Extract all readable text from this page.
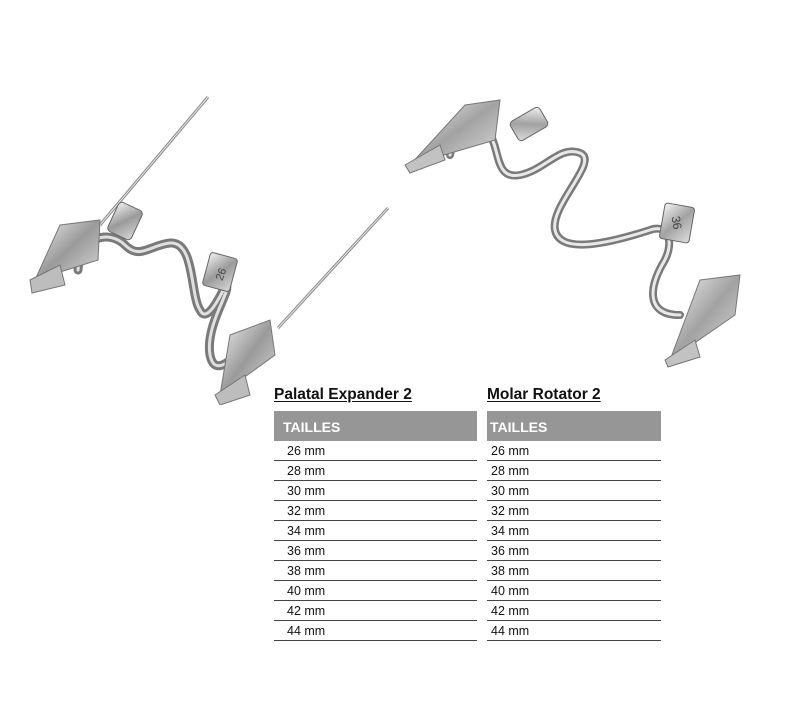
26
36
Palatal Expander 2
TAILLES
26 mm
28 mm
30 mm
32 mm
34 mm
36 mm
38 mm
40 mm
42 mm
44 mm
Molar Rotator 2
TAILLES
26 mm
28 mm
30 mm
32 mm
34 mm
36 mm
38 mm
40 mm
42 mm
44 mm
